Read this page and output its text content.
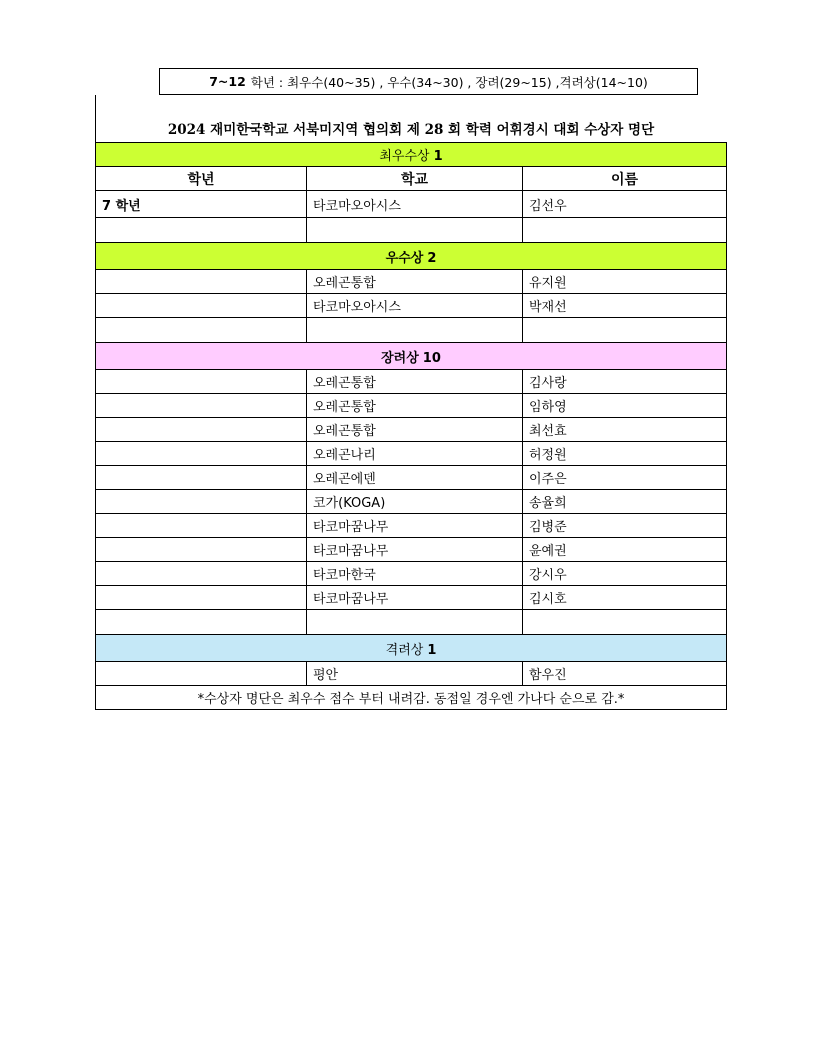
7~12 학년 : 최우수(40~35) , 우수(34~30) , 장려(29~15) ,격려상(14~10)
2024 재미한국학교 서북미지역 협의회 제 28 회 학력 어휘경시 대회 수상자 명단
최우수상 1		
학년	학교	이름
7 학년	타코마오아시스	김선우

우수상 2		
	오레곤통합	유지원
	타코마오아시스	박재선

장려상 10		
	오레곤통합	김사랑
	오레곤통합	임하영
	오레곤통합	최선효
	오레곤나리	허정원
	오레곤에덴	이주은
	코가(KOGA)	송율희
	타코마꿈나무	김병준
	타코마꿈나무	윤예권
	타코마한국	강시우
	타코마꿈나무	김시호

격려상 1		
	평안	함우진
*수상자 명단은 최우수 점수 부터 내려감. 동점일 경우엔 가나다 순으로 감.*		
